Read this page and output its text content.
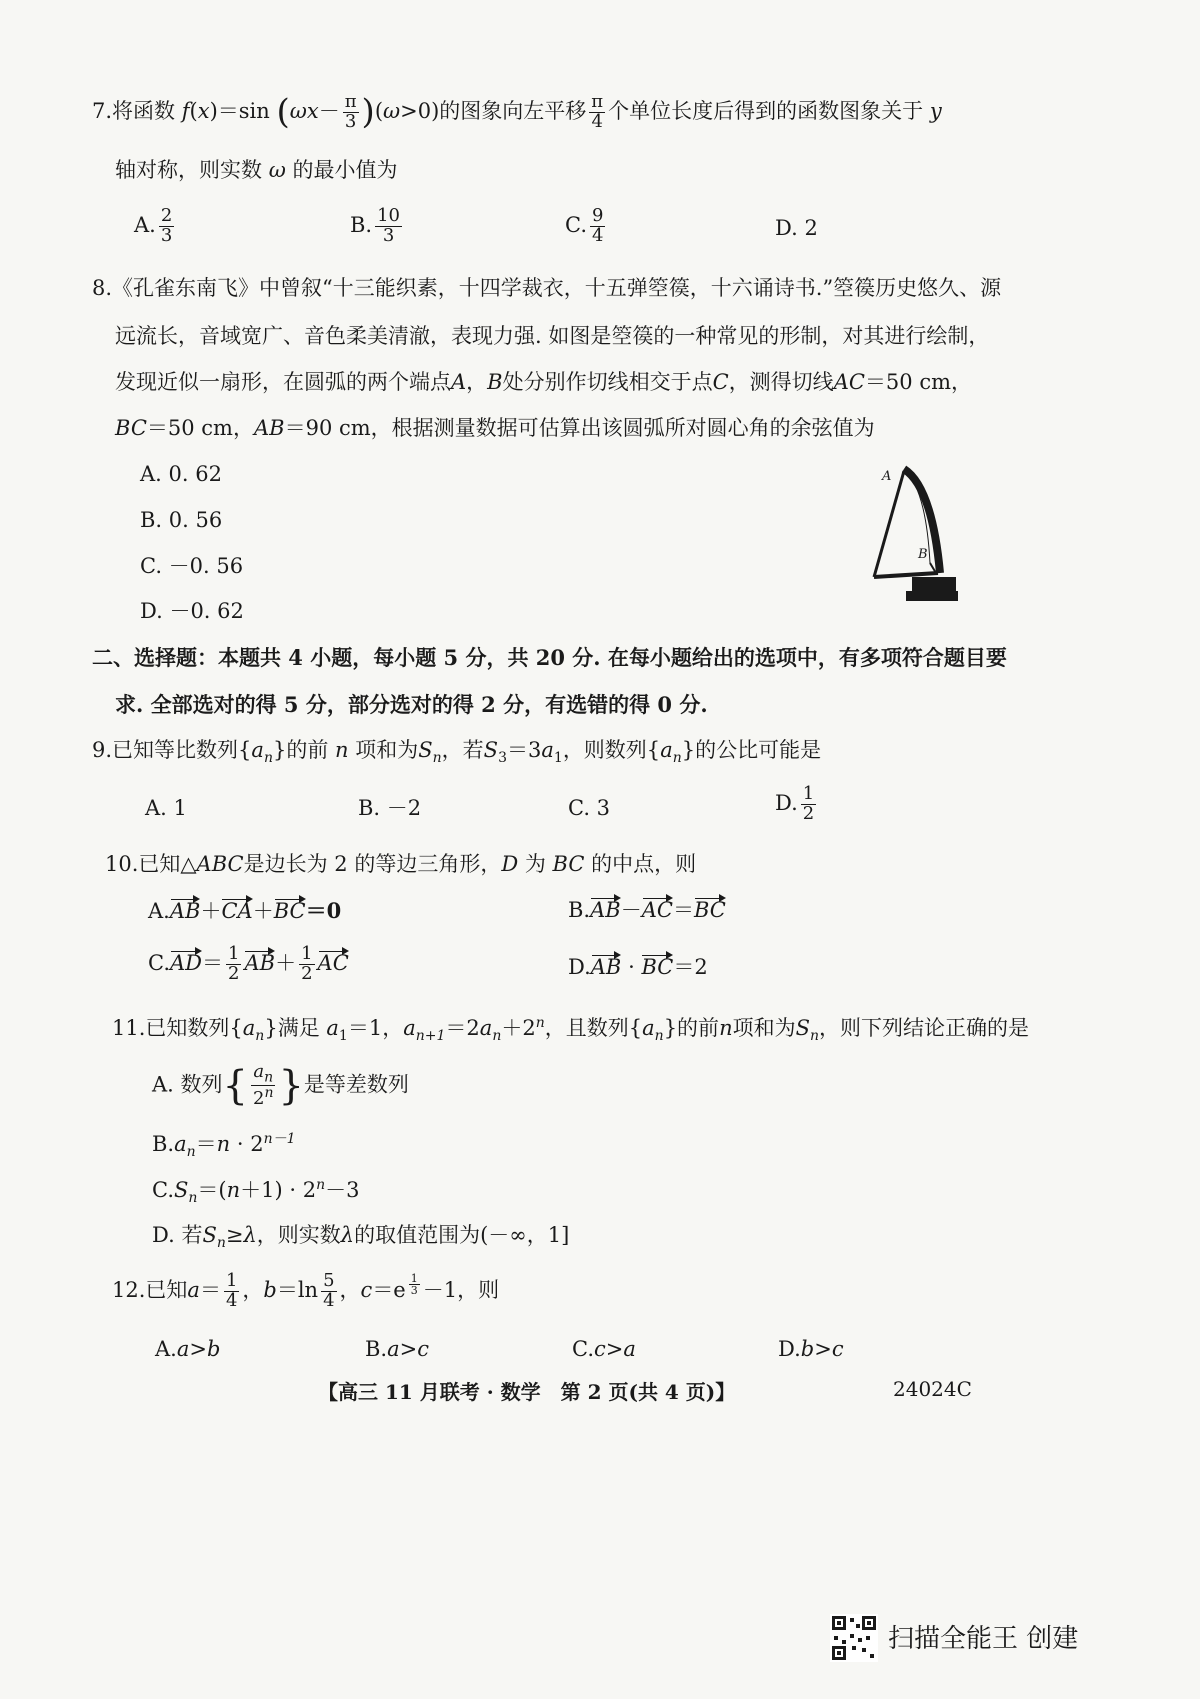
7.将函数 f(x)＝sin $(\omega x- \frac{\pi}{3} )(\omega>0)$的图象向左平移 $\frac{\pi}{4}$ 个单位长度后得到的函数图象关于 y
轴对称，则实数 ω 的最小值为
A. $\frac{2}{3}$	B. $\frac{10}{3}$	C. $\frac{9}{4}$	D. 2
8.《孔雀东南飞》中曾叙“十三能织素，十四学裁衣，十五弹箜篌，十六诵诗书.”箜篌历史悠久、源
远流长，音域宽广、音色柔美清澈，表现力强. 如图是箜篌的一种常见的形制，对其进行绘制，
发现近似一扇形，在圆弧的两个端点A，B处分别作切线相交于点C，测得切线AC＝50 cm，
BC＝50 cm，AB＝90 cm，根据测量数据可估算出该圆弧所对圆心角的余弦值为
A. 0. 62
B. 0. 56
C. －0. 56
D. －0. 62
A
B
二、选择题：本题共 4 小题，每小题 5 分，共 20 分. 在每小题给出的选项中，有多项符合题目要
求. 全部选对的得 5 分，部分选对的得 2 分，有选错的得 0 分.
9.已知等比数列$\{a_n\}$的前 n 项和为$S_n$，若$S_3=3a_1$，则数列$\{a_n\}$的公比可能是
A. 1	B. －2	C. 3	D. $\frac{1}{2}$
10.已知△ABC是边长为 2 的等边三角形，D 为 BC 的中点，则
A.AB＋CA＋BC＝0	B.AB－AC＝BC
$C.AD= \frac{1}{2} AB+ \frac{1}{2}$ AC	D.AB · BC＝2
11.已知数列$\{a_n\}$满足 $a_1=1$，$a_{n+1}=2a_n+2^n$，且数列$\{a_n\}$的前n项和为$S_n$，则下列结论正确的是
A. 数列{ $\frac{a_n}{2^n}$ }是等差数列
$B.a_n=n \cdot 2^{n-1}$
$C.S_n=(n+1) \cdot 2^n-3$
D. 若$S_n\ge\lambda$，则实数λ的取值范围为(－∞，1]
12.已知$a= \frac{1}{4}$ ，$b=\ln \frac{5}{4}$ ，c＝e $^{\frac{1}{3}}$ －1，则
A.a>b	B.a>c	C.c>a	D.b>c
【高三 11 月联考 · 数学　第 2 页(共 4 页)】	24024C
扫描全能王 创建
